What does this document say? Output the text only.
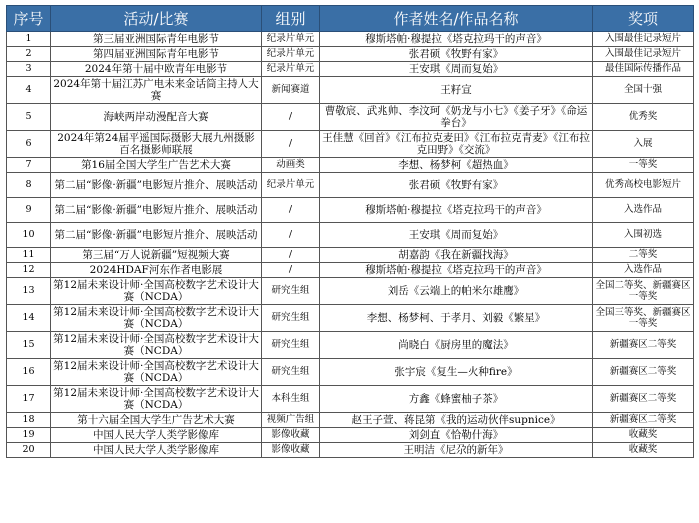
序号	活动/比赛	组别	作者姓名/作品名称	奖项
1	第三届亚洲国际青年电影节	纪录片单元	穆斯塔帕·穆提拉《塔克拉玛干的声音》	入围最佳记录短片
2	第四届亚洲国际青年电影节	纪录片单元	张君硕《牧野有家》	入围最佳记录短片
3	2024年第十届中欧青年电影节	纪录片单元	王安琪《周而复始》	最佳国际传播作品
4	2024年第十届江苏广电未来金话筒主持人大赛	新闻赛道	王籽宣	全国十强
5	海峡两岸动漫配音大赛	/	曹敬宸、武兆帅、李汶珂《奶龙与小七》《姜子牙》《命运拳台》	优秀奖
6	2024年第24届平遥国际摄影大展九州摄影百名摄影师联展	/	王佳慧《回首》《江布拉克麦田》《江布拉克青麦》《江布拉克田野》《交流》	入展
7	第16届全国大学生广告艺术大赛	动画类	李想、杨梦柯《超热血》	一等奖
8	第二届“影像·新疆”电影短片推介、展映活动	纪录片单元	张君硕《牧野有家》	优秀高校电影短片
9	第二届“影像·新疆”电影短片推介、展映活动	/	穆斯塔帕·穆提拉《塔克拉玛干的声音》	入选作品
10	第二届“影像·新疆”电影短片推介、展映活动	/	王安琪《周而复始》	入围初选
11	第三届“万人说新疆”短视频大赛	/	胡嘉韵《我在新疆找海》	二等奖
12	2024HDAF河东作者电影展	/	穆斯塔帕·穆提拉《塔克拉玛干的声音》	入选作品
13	第12届未来设计师·全国高校数字艺术设计大赛（NCDA）	研究生组	刘岳《云端上的帕米尔雄鹰》	全国二等奖、新疆赛区一等奖
14	第12届未来设计师·全国高校数字艺术设计大赛（NCDA）	研究生组	李想、杨梦柯、于孝月、刘毅《繁星》	全国三等奖、新疆赛区一等奖
15	第12届未来设计师·全国高校数字艺术设计大赛（NCDA）	研究生组	尚晓白《厨房里的魔法》	新疆赛区二等奖
16	第12届未来设计师·全国高校数字艺术设计大赛（NCDA）	研究生组	张宇宸《复生—火种fire》	新疆赛区二等奖
17	第12届未来设计师·全国高校数字艺术设计大赛（NCDA）	本科生组	方鑫《蜂蜜柚子茶》	新疆赛区二等奖
18	第十六届全国大学生广告艺术大赛	视频广告组	赵王子萱、蒋昆第《我的运动伙伴supnice》	新疆赛区二等奖
19	中国人民大学人类学影像库	影像收藏	刘剑直《恰勒什海》	收藏奖
20	中国人民大学人类学影像库	影像收藏	王明洁《尼尕的新年》	收藏奖
